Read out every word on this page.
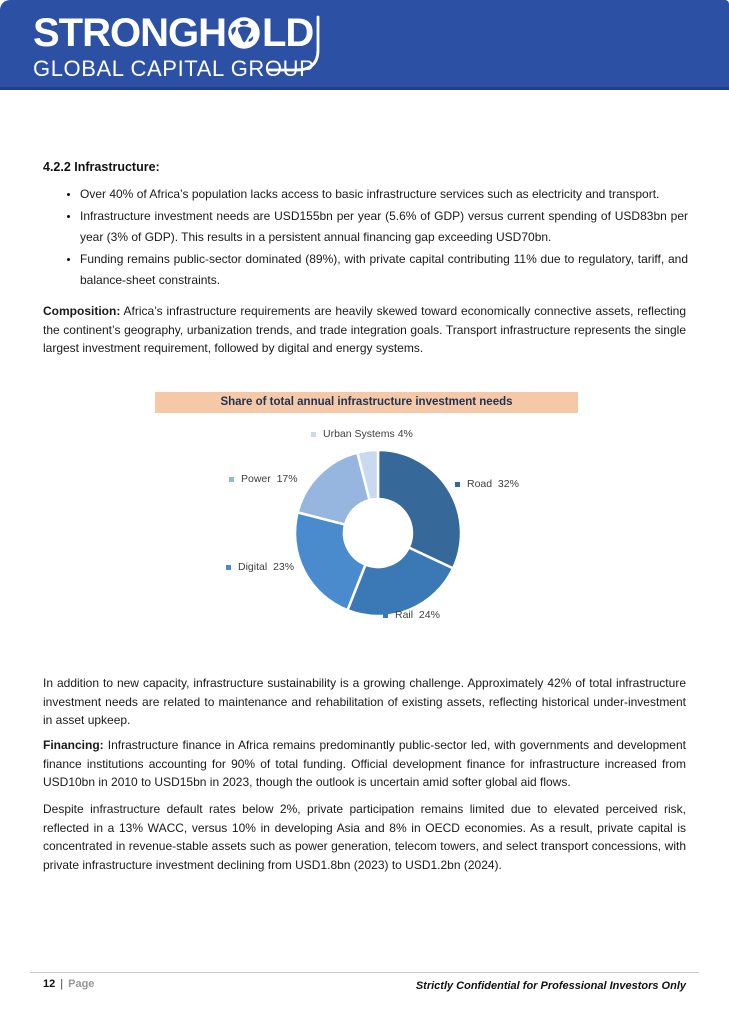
STRONGH LD
GLOBAL CAPITAL GROUP
4.2.2 Infrastructure:
• Over 40% of Africa’s population lacks access to basic infrastructure services such as electricity and transport.
• Infrastructure investment needs are USD155bn per year (5.6% of GDP) versus current spending of USD83bn per year (3% of GDP). This results in a persistent annual financing gap exceeding USD70bn.
• Funding remains public-sector dominated (89%), with private capital contributing 11% due to regulatory, tariff, and balance-sheet constraints.

Composition: Africa’s infrastructure requirements are heavily skewed toward economically connective assets, reflecting the continent’s geography, urbanization trends, and trade integration goals. Transport infrastructure represents the single largest investment requirement, followed by digital and energy systems.

Share of total annual infrastructure investment needs
Road  32%
Rail  24%
Digital  23%
Power  17%
Urban Systems 4%

In addition to new capacity, infrastructure sustainability is a growing challenge. Approximately 42% of total infrastructure investment needs are related to maintenance and rehabilitation of existing assets, reflecting historical under-investment in asset upkeep.

Financing: Infrastructure finance in Africa remains predominantly public-sector led, with governments and development finance institutions accounting for 90% of total funding. Official development finance for infrastructure increased from USD10bn in 2010 to USD15bn in 2023, though the outlook is uncertain amid softer global aid flows.

Despite infrastructure default rates below 2%, private participation remains limited due to elevated perceived risk, reflected in a 13% WACC, versus 10% in developing Asia and 8% in OECD economies. As a result, private capital is concentrated in revenue-stable assets such as power generation, telecom towers, and select transport concessions, with private infrastructure investment declining from USD1.8bn (2023) to USD1.2bn (2024).

12 | Page	Strictly Confidential for Professional Investors Only
